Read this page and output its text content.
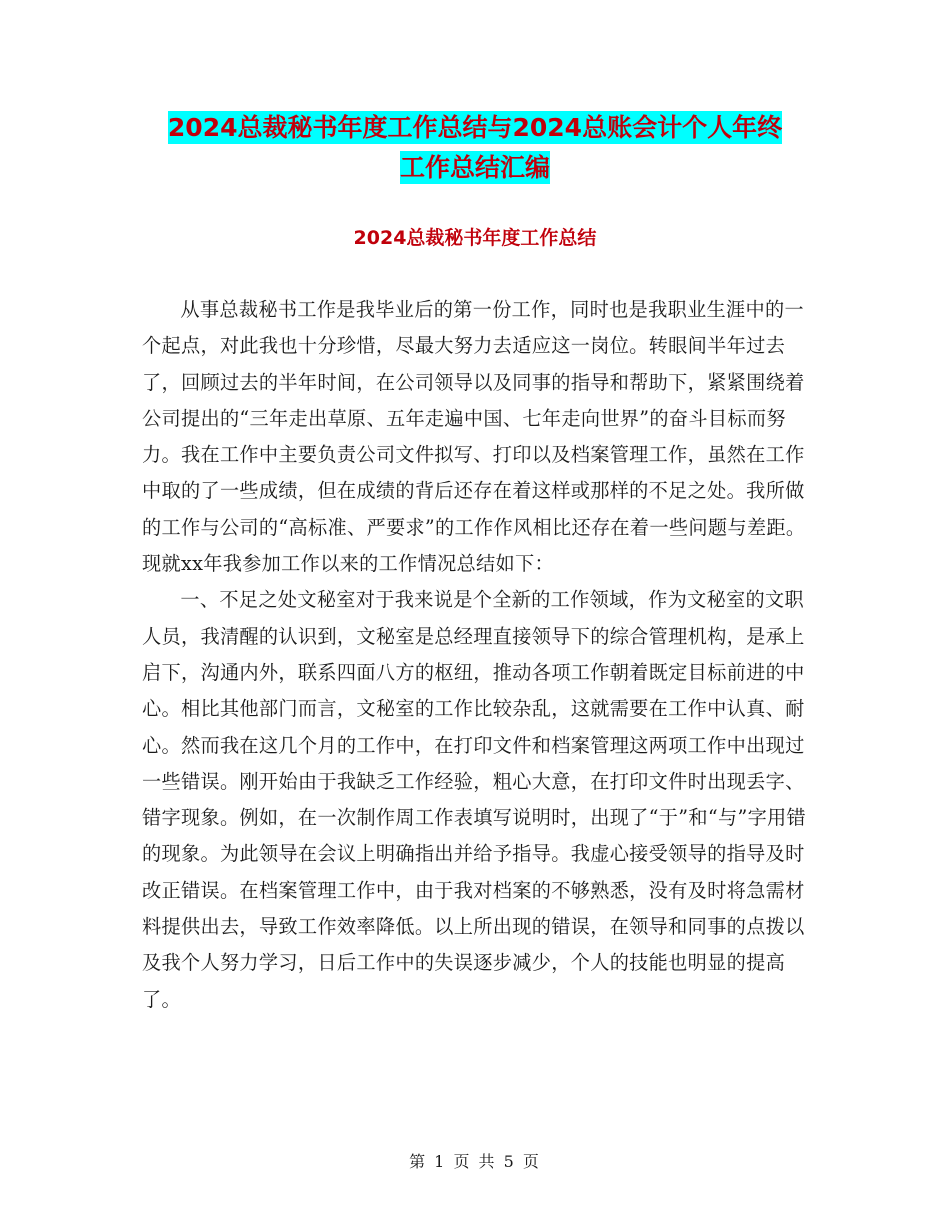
2024总裁秘书年度工作总结与2024总账会计个人年终
工作总结汇编
2024总裁秘书年度工作总结

从事总裁秘书工作是我毕业后的第一份工作，同时也是我职业生涯中的一个起点，对此我也十分珍惜，尽最大努力去适应这一岗位。转眼间半年过去了，回顾过去的半年时间，在公司领导以及同事的指导和帮助下，紧紧围绕着公司提出的“三年走出草原、五年走遍中国、七年走向世界”的奋斗目标而努力。我在工作中主要负责公司文件拟写、打印以及档案管理工作，虽然在工作中取的了一些成绩，但在成绩的背后还存在着这样或那样的不足之处。我所做的工作与公司的“高标准、严要求”的工作作风相比还存在着一些问题与差距。现就xx年我参加工作以来的工作情况总结如下：

一、不足之处文秘室对于我来说是个全新的工作领域，作为文秘室的文职人员，我清醒的认识到，文秘室是总经理直接领导下的综合管理机构，是承上启下，沟通内外，联系四面八方的枢纽，推动各项工作朝着既定目标前进的中心。相比其他部门而言，文秘室的工作比较杂乱，这就需要在工作中认真、耐心。然而我在这几个月的工作中，在打印文件和档案管理这两项工作中出现过一些错误。刚开始由于我缺乏工作经验，粗心大意，在打印文件时出现丢字、错字现象。例如，在一次制作周工作表填写说明时，出现了“于”和“与”字用错的现象。为此领导在会议上明确指出并给予指导。我虚心接受领导的指导及时改正错误。在档案管理工作中，由于我对档案的不够熟悉，没有及时将急需材料提供出去，导致工作效率降低。以上所出现的错误，在领导和同事的点拨以及我个人努力学习，日后工作中的失误逐步减少，个人的技能也明显的提高了。

第 1 页 共 5 页
